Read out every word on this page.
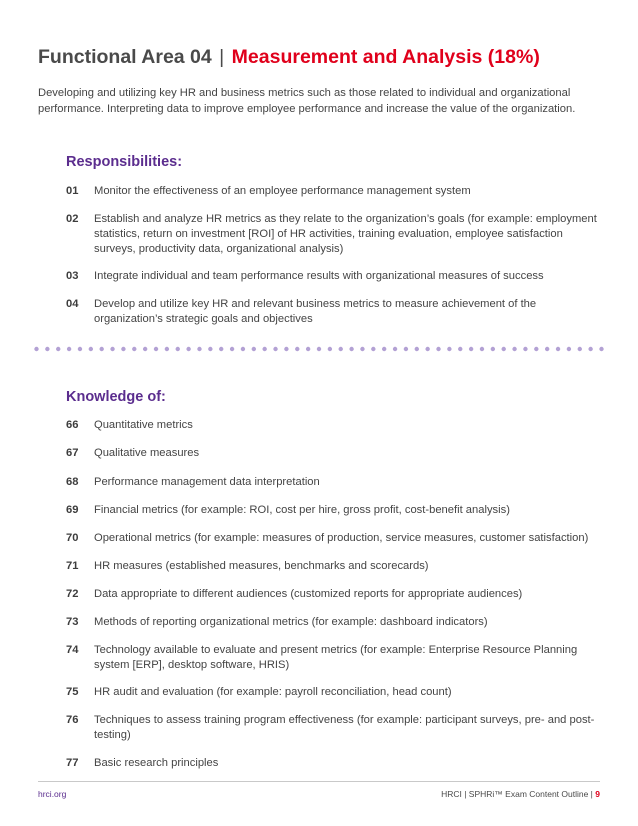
Functional Area 04 | Measurement and Analysis (18%)
Developing and utilizing key HR and business metrics such as those related to individual and organizational performance. Interpreting data to improve employee performance and increase the value of the organization.
Responsibilities:
01	Monitor the effectiveness of an employee performance management system
02	Establish and analyze HR metrics as they relate to the organization’s goals (for example: employment statistics, return on investment [ROI] of HR activities, training evaluation, employee satisfaction surveys, productivity data, organizational analysis)
03	Integrate individual and team performance results with organizational measures of success
04	Develop and utilize key HR and relevant business metrics to measure achievement of the organization’s strategic goals and objectives
Knowledge of:
66	Quantitative metrics
67	Qualitative measures
68	Performance management data interpretation
69	Financial metrics (for example: ROI, cost per hire, gross profit, cost-benefit analysis)
70	Operational metrics (for example: measures of production, service measures, customer satisfaction)
71	HR measures (established measures, benchmarks and scorecards)
72	Data appropriate to different audiences (customized reports for appropriate audiences)
73	Methods of reporting organizational metrics (for example: dashboard indicators)
74	Technology available to evaluate and present metrics (for example: Enterprise Resource Planning system [ERP], desktop software, HRIS)
75	HR audit and evaluation (for example: payroll reconciliation, head count)
76	Techniques to assess training program effectiveness (for example: participant surveys, pre- and post-testing)
77	Basic research principles
hrci.org	HRCI | SPHRi™ Exam Content Outline | 9
